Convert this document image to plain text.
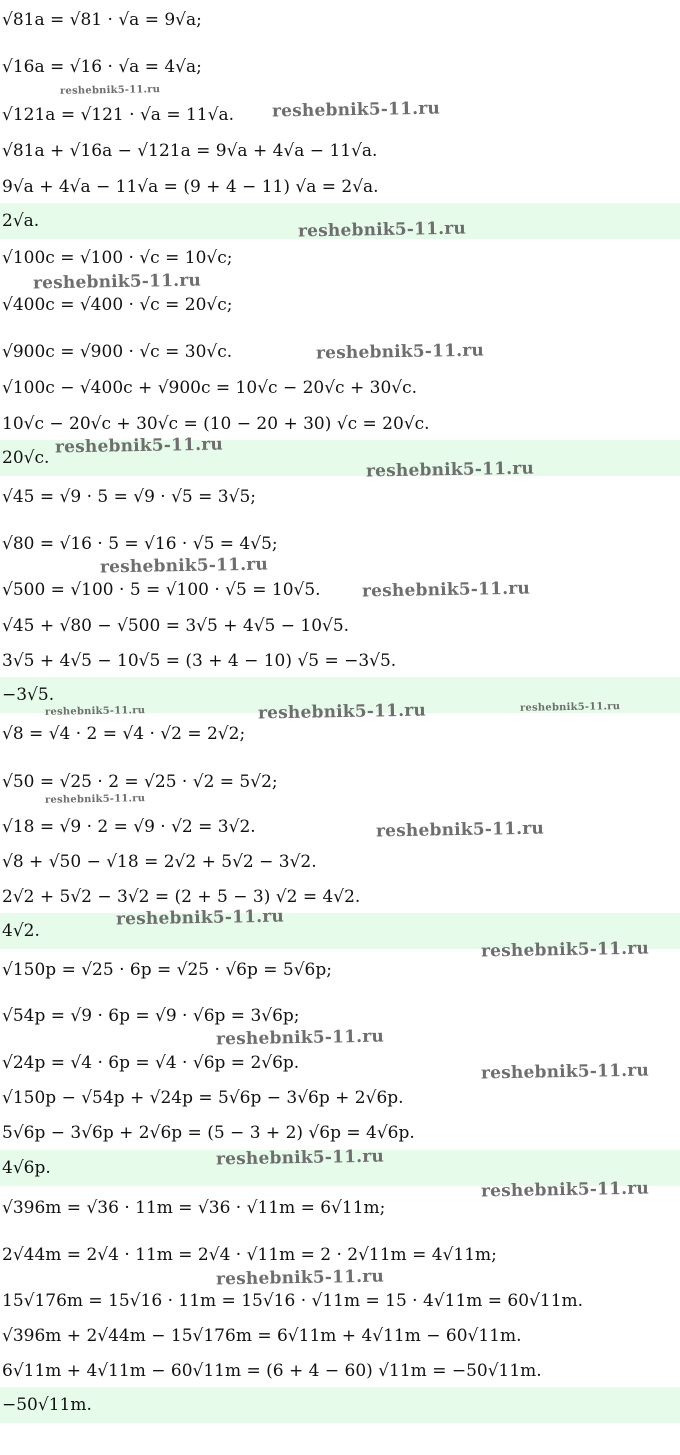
√81a = √81 · √a = 9√a;
√16a = √16 · √a = 4√a;
√121a = √121 · √a = 11√a.
√81a + √16a − √121a = 9√a + 4√a − 11√a.
9√a + 4√a − 11√a = (9 + 4 − 11) √a = 2√a.
2√a.
√100c = √100 · √c = 10√c;
√400c = √400 · √c = 20√c;
√900c = √900 · √c = 30√c.
√100c − √400c + √900c = 10√c − 20√c + 30√c.
10√c − 20√c + 30√c = (10 − 20 + 30) √c = 20√c.
20√c.
√45 = √9 · 5 = √9 · √5 = 3√5;
√80 = √16 · 5 = √16 · √5 = 4√5;
√500 = √100 · 5 = √100 · √5 = 10√5.
√45 + √80 − √500 = 3√5 + 4√5 − 10√5.
3√5 + 4√5 − 10√5 = (3 + 4 − 10) √5 = −3√5.
−3√5.
√8 = √4 · 2 = √4 · √2 = 2√2;
√50 = √25 · 2 = √25 · √2 = 5√2;
√18 = √9 · 2 = √9 · √2 = 3√2.
√8 + √50 − √18 = 2√2 + 5√2 − 3√2.
2√2 + 5√2 − 3√2 = (2 + 5 − 3) √2 = 4√2.
4√2.
√150p = √25 · 6p = √25 · √6p = 5√6p;
√54p = √9 · 6p = √9 · √6p = 3√6p;
√24p = √4 · 6p = √4 · √6p = 2√6p.
√150p − √54p + √24p = 5√6p − 3√6p + 2√6p.
5√6p − 3√6p + 2√6p = (5 − 3 + 2) √6p = 4√6p.
4√6p.
√396m = √36 · 11m = √36 · √11m = 6√11m;
2√44m = 2√4 · 11m = 2√4 · √11m = 2 · 2√11m = 4√11m;
15√176m = 15√16 · 11m = 15√16 · √11m = 15 · 4√11m = 60√11m.
√396m + 2√44m − 15√176m = 6√11m + 4√11m − 60√11m.
6√11m + 4√11m − 60√11m = (6 + 4 − 60) √11m = −50√11m.
−50√11m.
reshebnik5-11.ru
reshebnik5-11.ru
reshebnik5-11.ru
reshebnik5-11.ru
reshebnik5-11.ru
reshebnik5-11.ru
reshebnik5-11.ru
reshebnik5-11.ru
reshebnik5-11.ru
reshebnik5-11.ru	reshebnik5-11.ru	reshebnik5-11.ru
reshebnik5-11.ru
reshebnik5-11.ru
reshebnik5-11.ru
reshebnik5-11.ru
reshebnik5-11.ru
reshebnik5-11.ru
reshebnik5-11.ru
reshebnik5-11.ru
reshebnik5-11.ru
